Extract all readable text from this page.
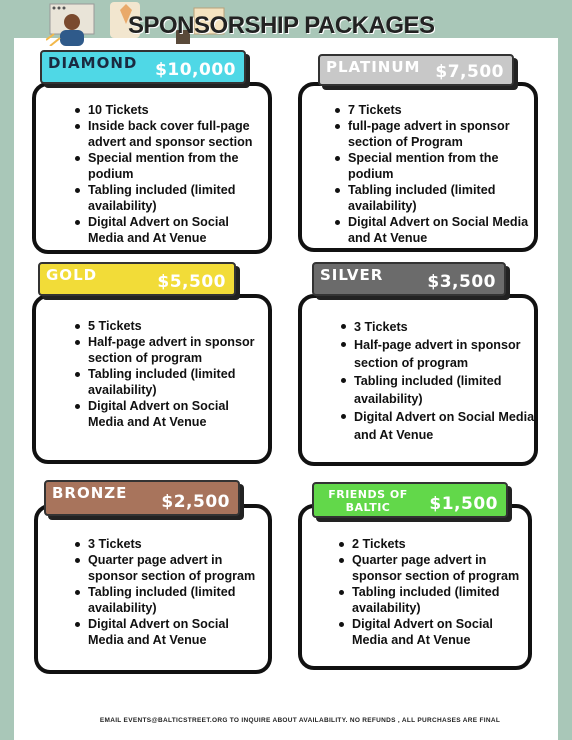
SPONSORSHIP PACKAGES
10 Tickets
Inside back cover full-page advert and sponsor section
Special mention from the podium
Tabling included (limited availability)
Digital Advert on Social Media and At Venue
DIAMOND $10,000
7 Tickets
full-page advert in sponsor section of Program
Special mention from the podium
Tabling included (limited availability)
Digital Advert on Social Media and At Venue
PLATINUM $7,500
5 Tickets
Half-page advert in sponsor section of program
Tabling included (limited availability)
Digital Advert on Social Media and At Venue
GOLD	$5,500
3 Tickets
Half-page advert in sponsor section of program
Tabling included (limited availability)
Digital Advert on Social Media and At Venue
SILVER	$3,500
3 Tickets
Quarter page advert in sponsor section of program
Tabling included (limited availability)
Digital Advert on Social Media and At Venue
BRONZE $2,500
2 Tickets
Quarter page advert in sponsor section of program
Tabling included (limited availability)
Digital Advert on Social Media and At Venue
FRIENDS OF BALTIC	$1,500
EMAIL EVENTS@BALTICSTREET.ORG TO INQUIRE ABOUT AVAILABILITY. NO REFUNDS , ALL PURCHASES ARE FINAL
